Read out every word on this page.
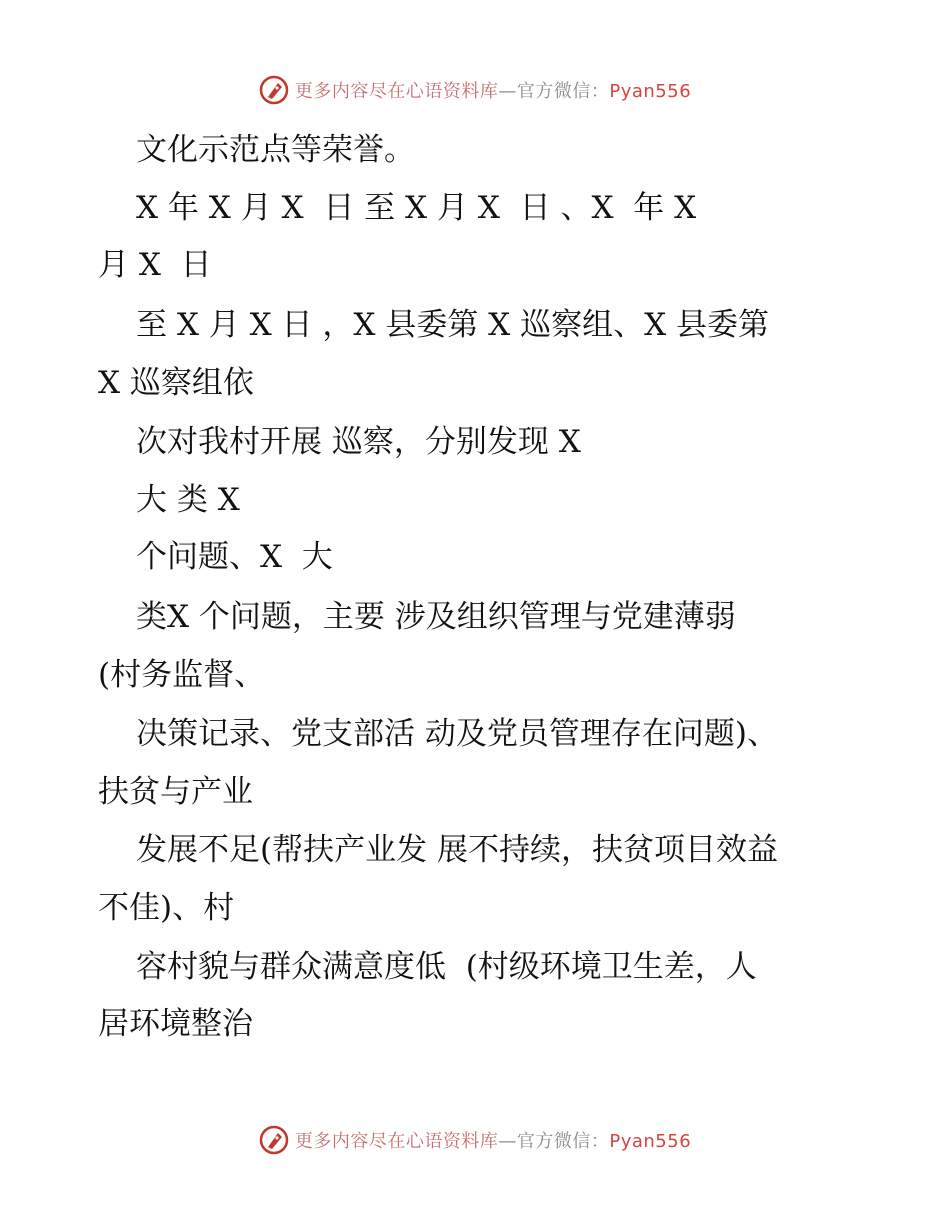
更多内容尽在心语资料库—官方微信：Pyan556
文化示范点等荣誉。
X 年 X 月 X  日 至 X 月 X  日 、X  年 X
月 X  日
至 X 月 X 日 ，X 县委第 X 巡察组、X 县委第
X 巡察组依
次对我村开展 巡察，分别发现 X
大 类 X
个问题、X  大
类X 个问题，主要 涉及组织管理与党建薄弱
(村务监督、
决策记录、党支部活 动及党员管理存在问题)、
扶贫与产业
发展不足(帮扶产业发 展不持续，扶贫项目效益
不佳)、村
容村貌与群众满意度低  (村级环境卫生差，人
居环境整治
更多内容尽在心语资料库—官方微信：Pyan556
